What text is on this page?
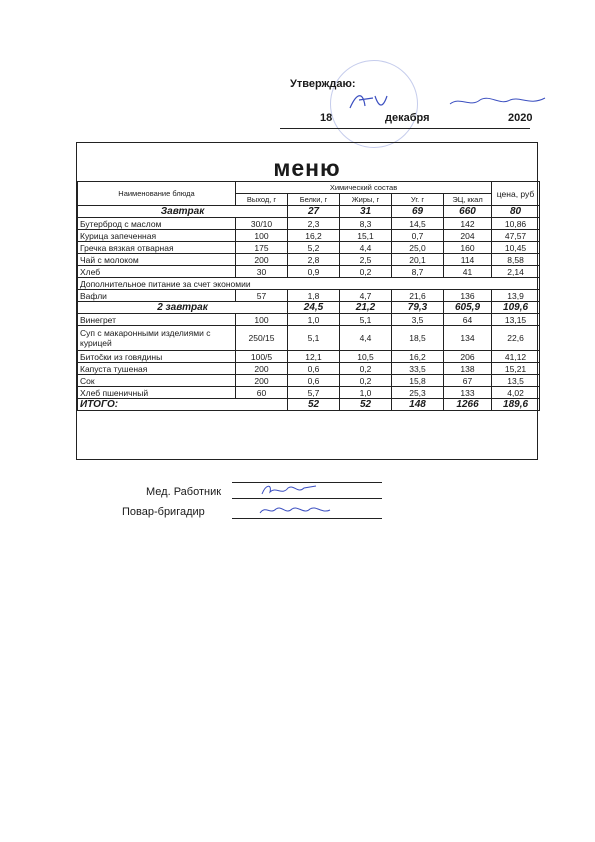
Утверждаю:
18	декабря	2020
меню
Наименование блюда	Химический состав					цена, руб
	Выход, г	Белки, г	Жиры, г	Уг. г	ЭЦ, ккал	
Завтрак		27	31	69	660	80
Бутерброд с маслом	30/10	2,3	8,3	14,5	142	10,86
Курица запеченная	100	16,2	15,1	0,7	204	47,57
Гречка вязкая отварная	175	5,2	4,4	25,0	160	10,45
Чай с молоком	200	2,8	2,5	20,1	114	8,58
Хлеб	30	0,9	0,2	8,7	41	2,14
Дополнительное питание за счет экономии						
Вафли	57	1,8	4,7	21,6	136	13,9
2 завтрак		24,5	21,2	79,3	605,9	109,6
Винегрет	100	1,0	5,1	3,5	64	13,15
Суп с макаронными изделиями с курицей	250/15	5,1	4,4	18,5	134	22,6
Битočки из говядины	100/5	12,1	10,5	16,2	206	41,12
Капуста тушеная	200	0,6	0,2	33,5	138	15,21
Сок	200	0,6	0,2	15,8	67	13,5
Хлеб пшеничный	60	5,7	1,0	25,3	133	4,02
ИТОГО:		52	52	148	1266	189,6
Мед. Работник
Повар-бригадир
